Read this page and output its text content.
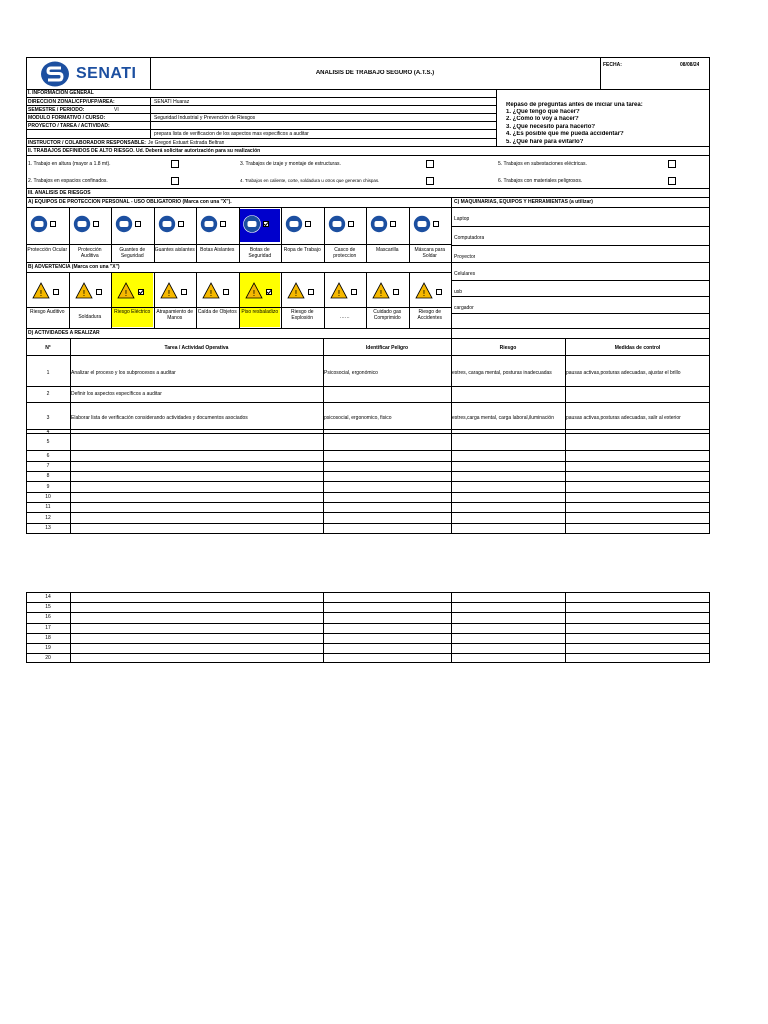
SENATI	ANÁLISIS DE TRABAJO SEGURO (A.T.S.)
FECHA:	08/08/24
I. INFORMACIÓN GENERAL
DIRECCIÓN ZONAL/CFP/UFP/ÁREA:	SENATI Huaraz
SEMESTRE / PERIODO:	VI
MÓDULO FORMATIVO / CURSO:	Seguridad Industrial y Prevención de Riesgos
PROYECTO / TAREA / ACTIVIDAD:
prepara lista de verificacion de los aspectos mas especificos a auditar
INSTRUCTOR / COLABORADOR RESPONSABLE: Je Gregori Estuart Estrada Beltran
Repaso de preguntas antes de iniciar una tarea:
1. ¿Qué tengo qué hacer?
2. ¿Cómo lo voy a hacer?
3. ¿Qué necesito para hacerlo?
4. ¿Es posible que me pueda accidentar?
5. ¿Qué haré para evitarlo?
II. TRABAJOS DEFINIDOS DE ALTO RIESGO. Ud. Deberá solicitar autorización para su realización
1. Trabajo en altura (mayor a 1.8 mt).	3. Trabajos de izaje y montaje de estructuras.	5. Trabajos en subestaciones eléctricas.
2. Trabajos en espacios confinados.	4. Trabajos en caliente, corte, soldadura u otros que generan chispas.	6. Trabajos con materiales peligrosos.
III. ANÁLISIS DE RIESGOS
A) EQUIPOS DE PROTECCIÓN PERSONAL - USO OBLIGATORIO (Marca con una "X").	C) MAQUINARIAS, EQUIPOS Y HERRAMIENTAS (a utilizar)
Protección Ocular	Protección Auditiva
Guantes de Seguridad
Guantes aislantes	Botas Aislantes	Botas de Seguridad
Ropa de Trabajo	Casco de proteccion
Mascarilla	Máscara para Soldar
Laptop
Computadora
Proyector
Celulares
usb
cargador
B) ADVERTENCIA (Marca con una "X")
!
Riesgo Auditivo
!
Soldadura
!
Riesgo Eléctrico
!
Atrapamiento de Manos
!
Caída de Objetos
!
Piso resbaladizo
!
Riesgo de Explosión
!
……
!
Cuidado gas Comprimido
!
Riesgo de Accidentes
D) ACTIVIDADES A REALIZAR
N°	Tarea / Actividad Operativa	Identificar Peligro	Riesgo	Medidas de control
1	Analizar el proceso y los subprocesos a auditar	Psicosocial, ergonómico	estres, caraga mental, posturas inadecuadas	pausas activas,posturas adecuadas, ajustar el brillo
2	Definir los aspectos específicos a auditar
3	Elaborar lista de verificación considerando actividades y documentos asociados	psicosocial, ergonomico, fisico	estres,carga mental, carga laboral,iluminación	pausas activas,posturas adecuadas, salir al exterior
4
5
6
7
8
9
10
11
12
13
14
15
16
17
18
19
20
